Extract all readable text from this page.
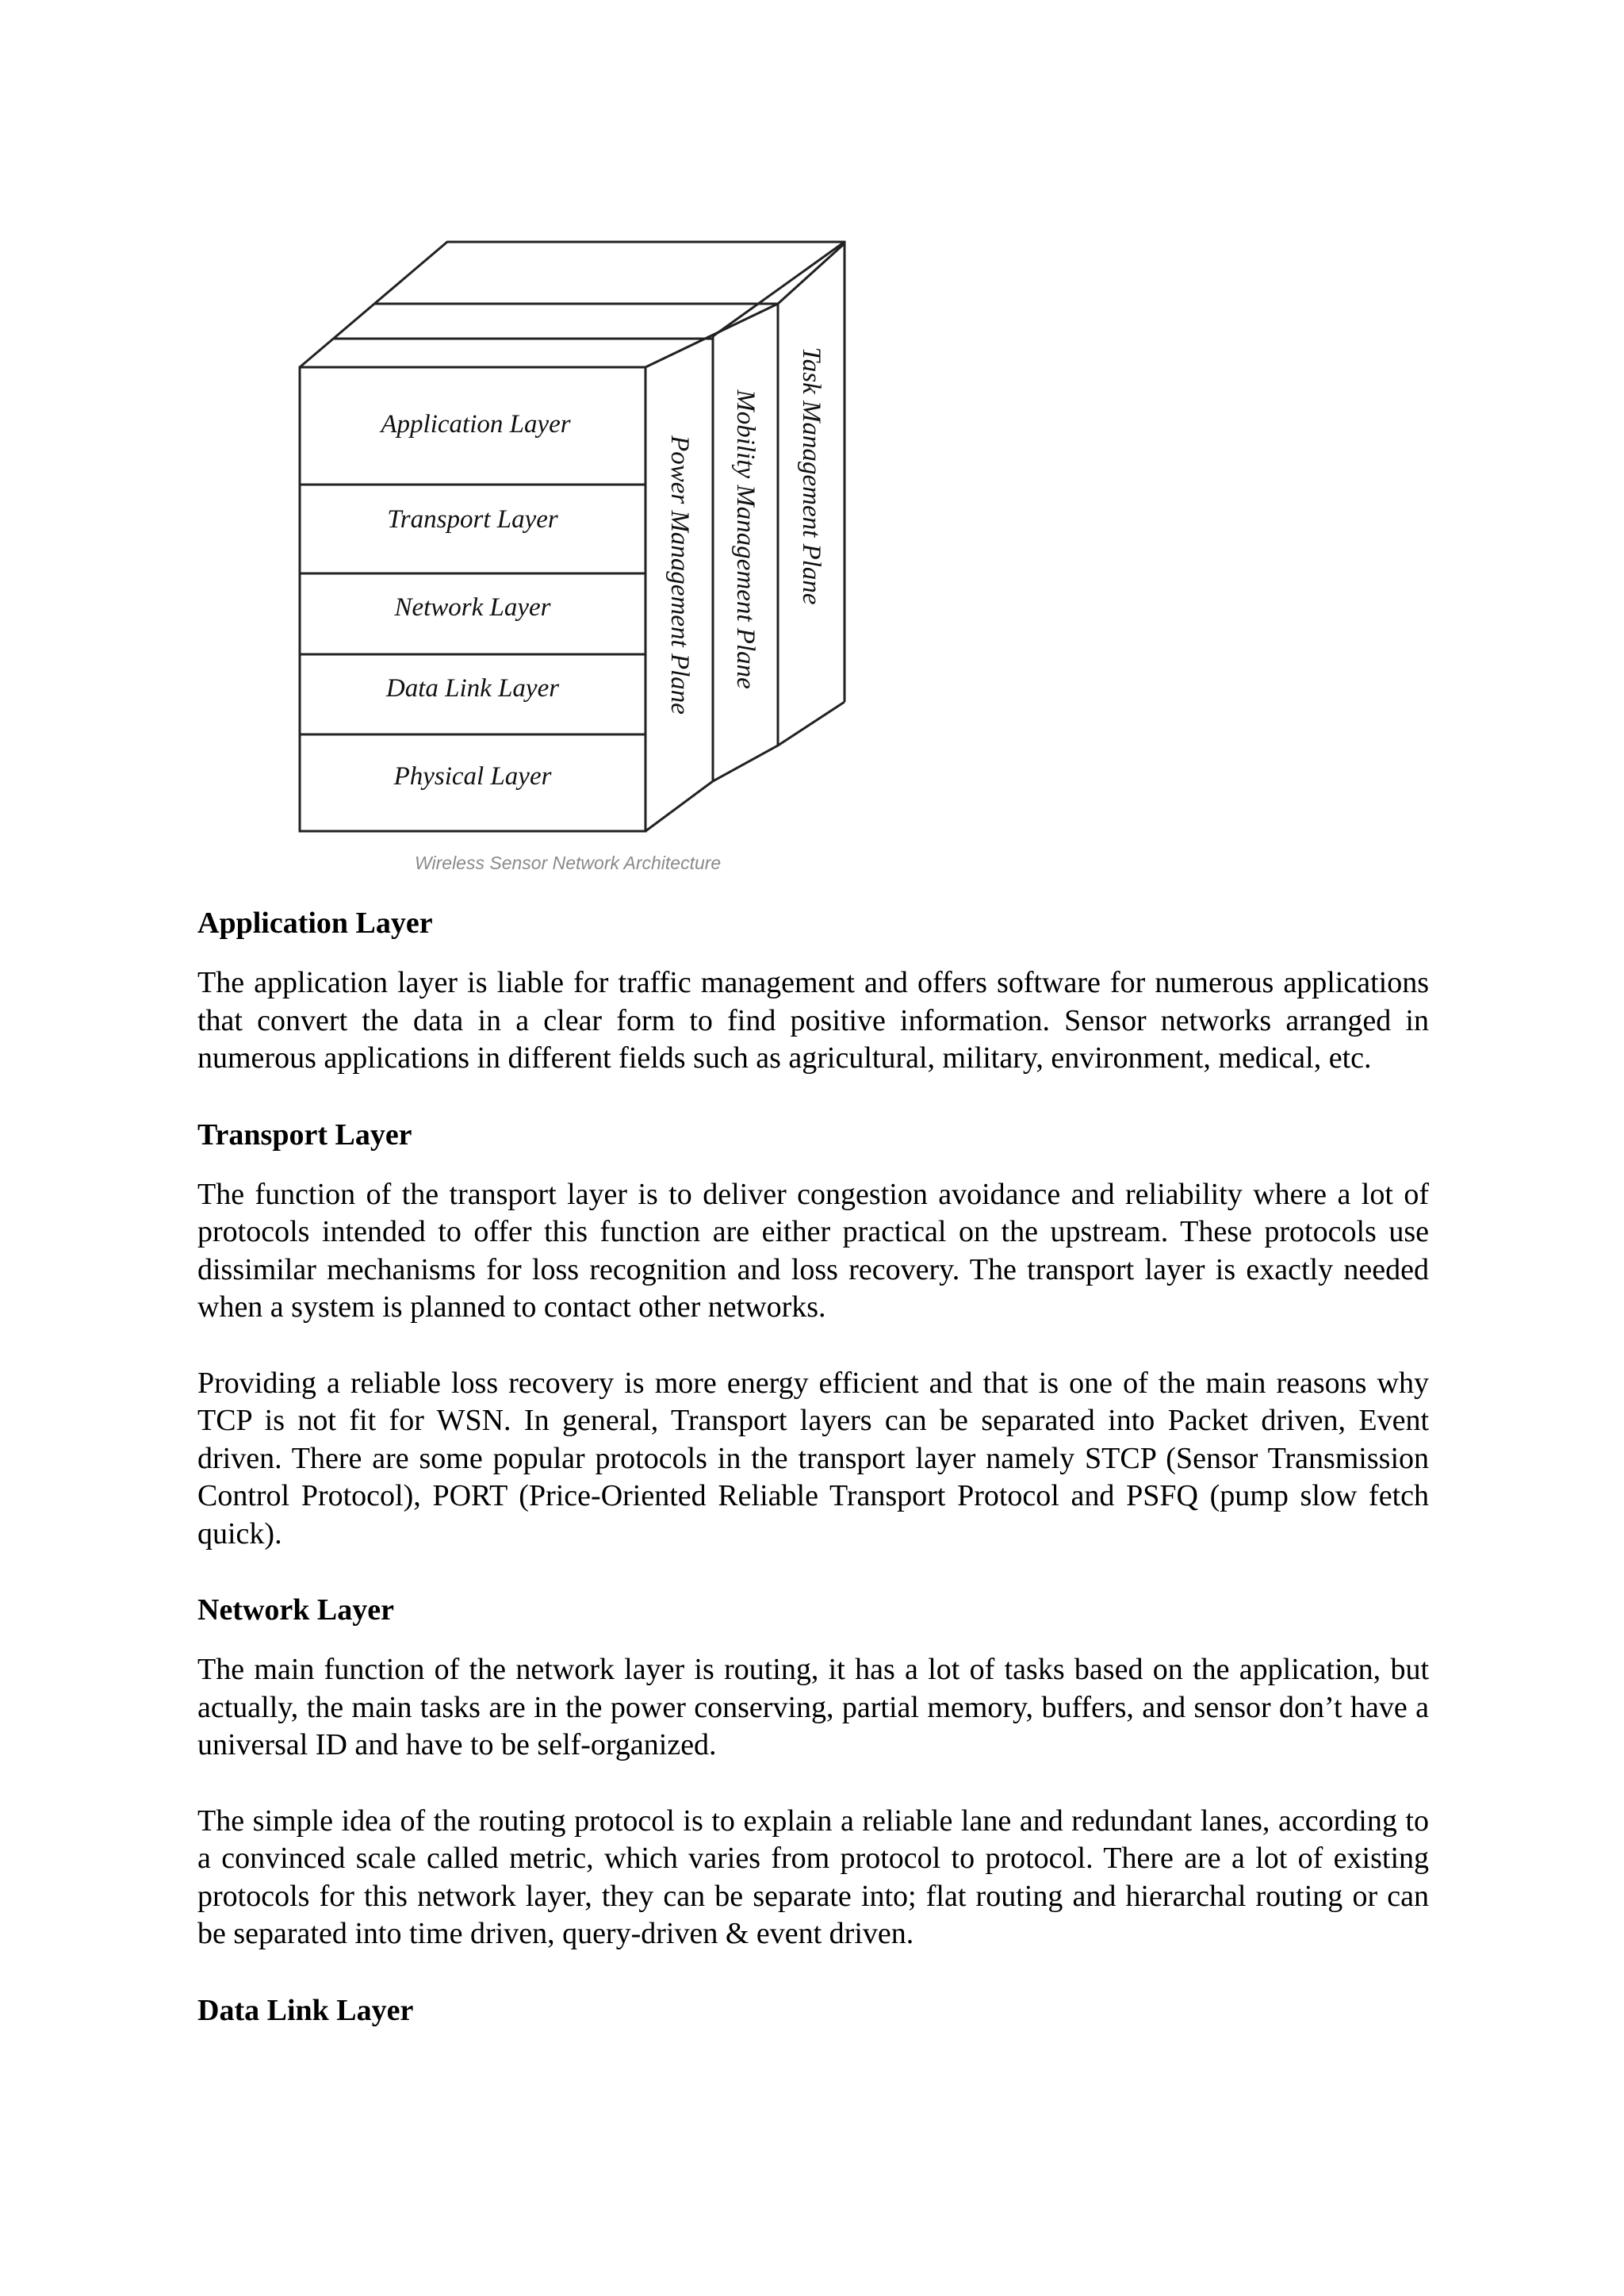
Application Layer
Transport Layer
Network Layer
Data Link Layer
Physical Layer
Power Management Plane Mobility Management Plane Task Management Plane
Wireless Sensor Network Architecture
Application Layer

The application layer is liable for traffic management and offers software for numerous applications that convert the data in a clear form to find positive information. Sensor networks arranged in numerous applications in different fields such as agricultural, military, environment, medical, etc.

Transport Layer

The function of the transport layer is to deliver congestion avoidance and reliability where a lot of protocols intended to offer this function are either practical on the upstream. These protocols use dissimilar mechanisms for loss recognition and loss recovery. The transport layer is exactly needed when a system is planned to contact other networks.

Providing a reliable loss recovery is more energy efficient and that is one of the main reasons why TCP is not fit for WSN. In general, Transport layers can be separated into Packet driven, Event driven. There are some popular protocols in the transport layer namely STCP (Sensor Transmission Control Protocol), PORT (Price-Oriented Reliable Transport Protocol and PSFQ (pump slow fetch quick).

Network Layer

The main function of the network layer is routing, it has a lot of tasks based on the application, but actually, the main tasks are in the power conserving, partial memory, buffers, and sensor don’t have a universal ID and have to be self-organized.

The simple idea of the routing protocol is to explain a reliable lane and redundant lanes, according to a convinced scale called metric, which varies from protocol to protocol. There are a lot of existing protocols for this network layer, they can be separate into; flat routing and hierarchal routing or can be separated into time driven, query-driven & event driven.

Data Link Layer
